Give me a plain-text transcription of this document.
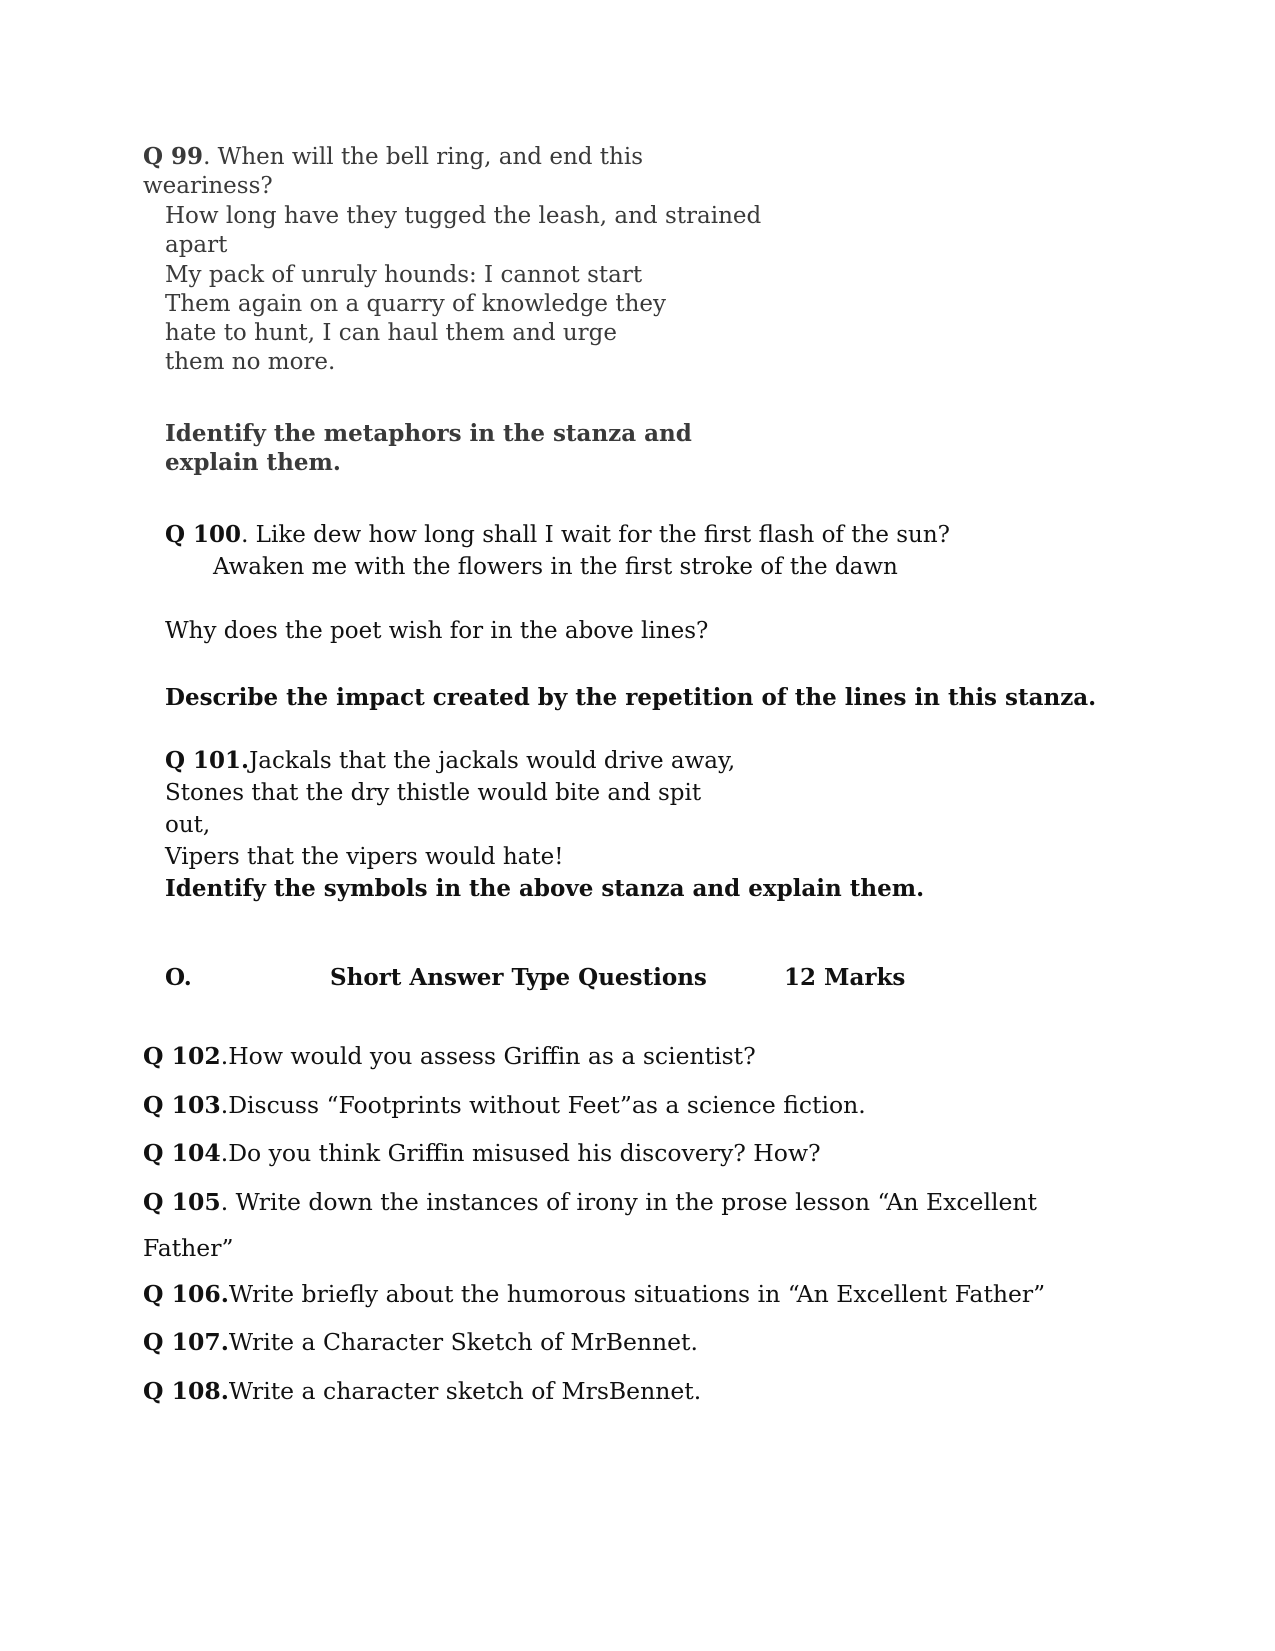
Q 99. When will the bell ring, and end this
weariness?
How long have they tugged the leash, and strained
apart
My pack of unruly hounds: I cannot start
Them again on a quarry of knowledge they
hate to hunt, I can haul them and urge
them no more.
Identify the metaphors in the stanza and
explain them.
Q 100. Like dew how long shall I wait for the first flash of the sun?
Awaken me with the flowers in the first stroke of the dawn
Why does the poet wish for in the above lines?
Describe the impact created by the repetition of the lines in this stanza.
Q 101.Jackals that the jackals would drive away,
Stones that the dry thistle would bite and spit
out,
Vipers that the vipers would hate!
Identify the symbols in the above stanza and explain them.
O.	Short Answer Type Questions	12 Marks
Q 102.How would you assess Griffin as a scientist?
Q 103.Discuss “Footprints without Feet”as a science fiction.
Q 104.Do you think Griffin misused his discovery? How?
Q 105. Write down the instances of irony in the prose lesson “An Excellent
Father”
Q 106.Write briefly about the humorous situations in “An Excellent Father”
Q 107.Write a Character Sketch of MrBennet.
Q 108.Write a character sketch of MrsBennet.
